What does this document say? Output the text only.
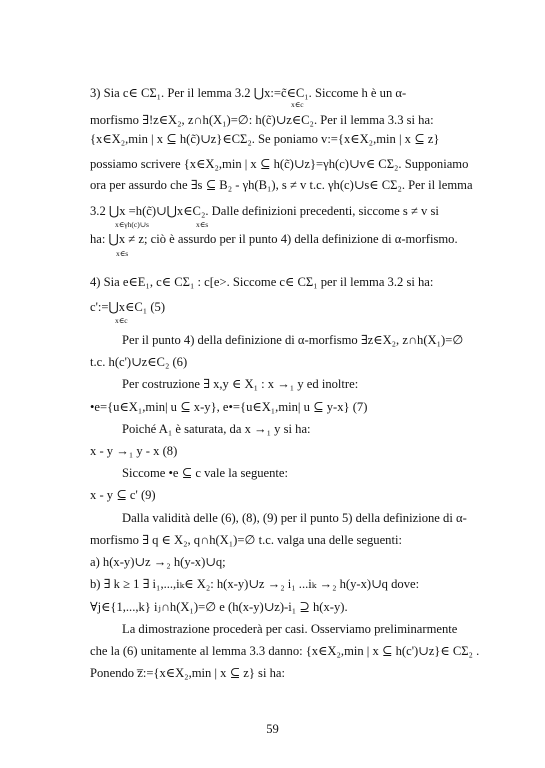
3) Sia c∈ CΣ₁. Per il lemma 3.2 ⋃x:=c̃∈C₁. Siccome h è un α-
x∈c
morfismo ∃!z∈X₂, z∩h(X₁)=∅: h(c̃)∪z∈C₂. Per il lemma 3.3 si ha:
{x∈X₂,min | x ⊆ h(c̃)∪z}∈CΣ₂. Se poniamo v:={x∈X₂,min | x ⊆ z}
possiamo scrivere {x∈X₂,min | x ⊆ h(c̃)∪z}=γh(c)∪v∈ CΣ₂. Supponiamo
ora per assurdo che ∃s ⊆ B₂ - γh(B₁), s ≠ v t.c. γh(c)∪s∈ CΣ₂. Per il lemma
3.2 ⋃x =h(c̃)∪⋃x∈C₂. Dalle definizioni precedenti, siccome s ≠ v si
x∈γh(c)∪s	x∈s
ha: ⋃x ≠ z; ciò è assurdo per il punto 4) della definizione di α-morfismo.
x∈s
4) Sia e∈E₁, c∈ CΣ₁ : c[e>. Siccome c∈ CΣ₁ per il lemma 3.2 si ha:
c':=⋃x∈C₁ (5)
x∈c
Per il punto 4) della definizione di α-morfismo ∃z∈X₂, z∩h(X₁)=∅
t.c. h(c')∪z∈C₂ (6)
Per costruzione ∃ x,y ∈ X₁ : x →₁ y ed inoltre:
•e={u∈X₁,min| u ⊆ x-y}, e•={u∈X₁,min| u ⊆ y-x} (7)
Poiché A₁ è saturata, da x →₁ y si ha:
x - y →₁ y - x (8)
Siccome •e ⊆ c vale la seguente:
x - y ⊆ c' (9)
Dalla validità delle (6), (8), (9) per il punto 5) della definizione di α-
morfismo ∃ q ∈ X₂, q∩h(X₁)=∅ t.c. valga una delle seguenti:
a) h(x-y)∪z →₂ h(y-x)∪q;
b) ∃ k ≥ 1 ∃ i₁,...,iₖ∈ X₂: h(x-y)∪z →₂ i₁ ...iₖ →₂ h(y-x)∪q dove:
∀j∈{1,...,k} iⱼ∩h(X₁)=∅ e (h(x-y)∪z)-i₁ ⊇ h(x-y).
La dimostrazione procederà per casi. Osserviamo preliminarmente
che la (6) unitamente al lemma 3.3 danno: {x∈X₂,min | x ⊆ h(c')∪z}∈ CΣ₂ .
Ponendo z̅:={x∈X₂,min | x ⊆ z} si ha:
59
